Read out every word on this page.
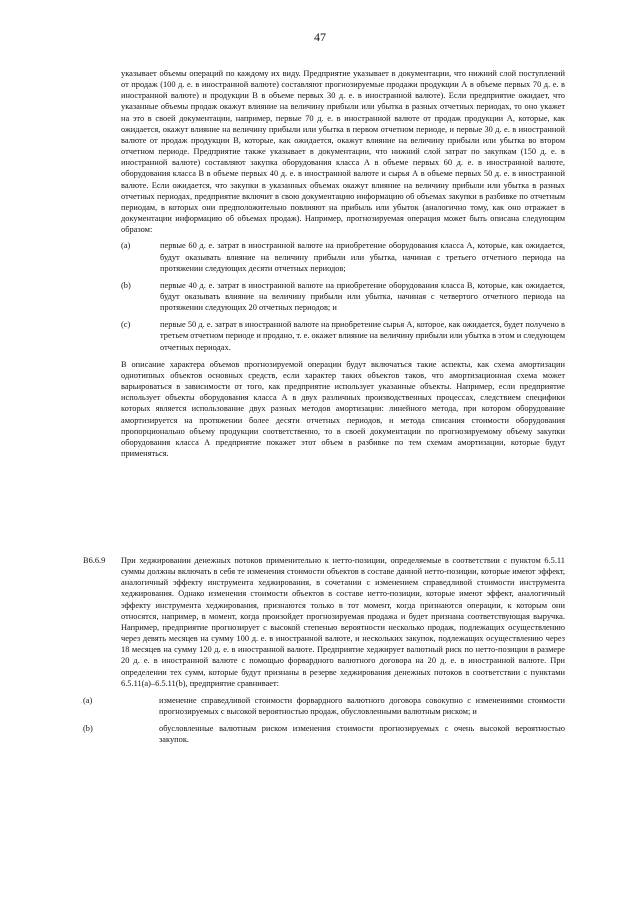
47

указывает объемы операций по каждому их виду. Предприятие указывает в документации, что нижний слой поступлений от продаж (100 д. е. в иностранной валюте) составляют прогнозируемые продажи продукции А в объеме первых 70 д. е. в иностранной валюте) и продукции В в объеме первых 30 д. е. в иностранной валюте). Если предприятие ожидает, что указанные объемы продаж окажут влияние на величину прибыли или убытка в разных отчетных периодах, то оно укажет на это в своей документации, например, первые 70 д. е. в иностранной валюте от продаж продукции А, которые, как ожидается, окажут влияние на величину прибыли или убытка в первом отчетном периоде, и первые 30 д. е. в иностранной валюте от продаж продукции В, которые, как ожидается, окажут влияние на величину прибыли или убытка во втором отчетном периоде. Предприятие также указывает в документации, что нижний слой затрат по закупкам (150 д. е. в иностранной валюте) составляют закупка оборудования класса А в объеме первых 60 д. е. в иностранной валюте, оборудования класса В в объеме первых 40 д. е. в иностранной валюте и сырья А в объеме первых 50 д. е. в иностранной валюте. Если ожидается, что закупки в указанных объемах окажут влияние на величину прибыли или убытка в разных отчетных периодах, предприятие включит в свою документацию информацию об объемах закупки в разбивке по отчетным периодам, в которых они предположительно повлияют на прибыль или убыток (аналогично тому, как оно отражает в документации информацию об объемах продаж). Например, прогнозируемая операция может быть описана следующим образом:

(a)	первые 60 д. е. затрат в иностранной валюте на приобретение оборудования класса А, которые, как ожидается, будут оказывать влияние на величину прибыли или убытка, начиная с третьего отчетного периода на протяжении следующих десяти отчетных периодов;

(b)	первые 40 д. е. затрат в иностранной валюте на приобретение оборудования класса В, которые, как ожидается, будут оказывать влияние на величину прибыли или убытка, начиная с четвертого отчетного периода на протяжении следующих 20 отчетных периодов; и

(c)	первые 50 д. е. затрат в иностранной валюте на приобретение сырья А, которое, как ожидается, будет получено в третьем отчетном периоде и продано, т. е. окажет влияние на величину прибыли или убытка в этом и следующем отчетных периодах.

В описание характера объемов прогнозируемой операции будут включаться такие аспекты, как схема амортизации однотипных объектов основных средств, если характер таких объектов таков, что амортизационная схема может варьироваться в зависимости от того, как предприятие использует указанные объекты. Например, если предприятие использует объекты оборудования класса А в двух различных производственных процессах, следствием специфики которых является использование двух разных методов амортизации: линейного метода, при котором оборудование амортизируется на протяжении более десяти отчетных периодов, и метода списания стоимости оборудования пропорционально объему продукции соответственно, то в своей документации по прогнозируемому объему закупки оборудования класса А предприятие покажет этот объем в разбивке по тем схемам амортизации, которые будут применяться.

B6.6.9	При хеджировании денежных потоков применительно к нетто-позиции, определяемые в соответствии с пунктом 6.5.11 суммы должны включать в себя те изменения стоимости объектов в составе данной нетто-позиции, которые имеют эффект, аналогичный эффекту инструмента хеджирования, в сочетании с изменением справедливой стоимости инструмента хеджирования. Однако изменения стоимости объектов в составе нетто-позиции, которые имеют эффект, аналогичный эффекту инструмента хеджирования, признаются только в тот момент, когда признаются операции, к которым они относятся, например, в момент, когда произойдет прогнозируемая продажа и будет признана соответствующая выручка. Например, предприятие прогнозирует с высокой степенью вероятности несколько продаж, подлежащих осуществлению через девять месяцев на сумму 100 д. е. в иностранной валюте, и нескольких закупок, подлежащих осуществлению через 18 месяцев на сумму 120 д. е. в иностранной валюте. Предприятие хеджирует валютный риск по нетто-позиции в размере 20 д. е. в иностранной валюте с помощью форвардного валютного договора на 20 д. е. в иностранной валюте. При определении тех сумм, которые будут признаны в резерве хеджирования денежных потоков в соответствии с пунктами 6.5.11(a)–6.5.11(b), предприятие сравнивает:

(a)	изменение справедливой стоимости форвардного валютного договора совокупно с изменениями стоимости прогнозируемых с высокой вероятностью продаж, обусловленными валютным риском; и

(b)	обусловленные валютным риском изменения стоимости прогнозируемых с очень высокой вероятностью закупок.
